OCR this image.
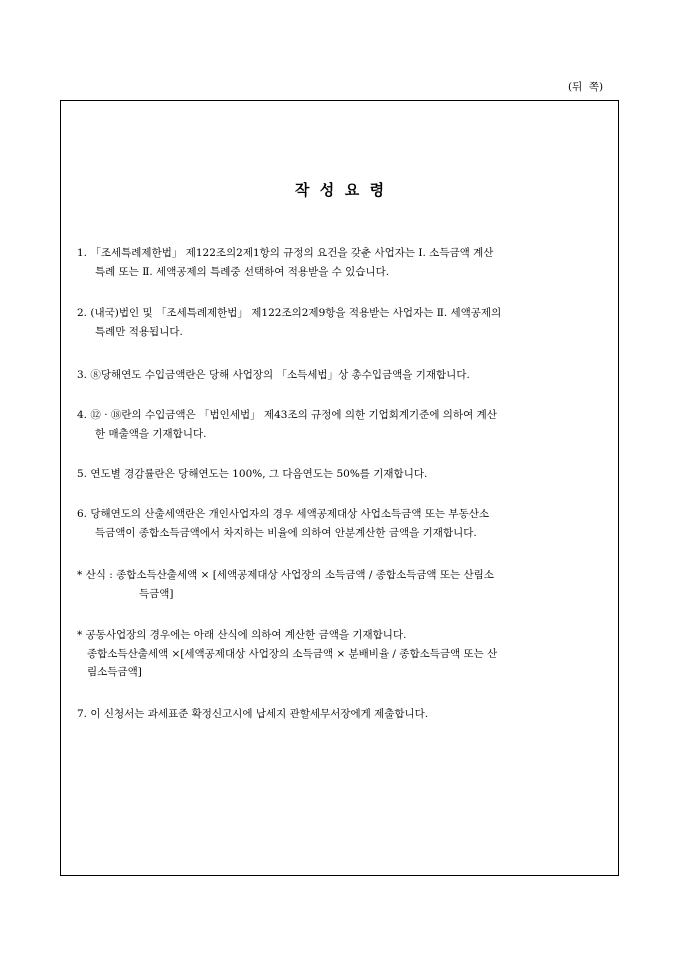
(뒤  쪽)
작  성  요  령
1. 「조세특례제한법」 제122조의2제1항의 규정의 요건을 갖춘 사업자는 Ⅰ. 소득금액 계산
특례 또는 Ⅱ. 세액공제의 특례중 선택하여 적용받을 수 있습니다.
2. (내국)법인 및 「조세특례제한법」 제122조의2제9항을 적용받는 사업자는 Ⅱ. 세액공제의
특례만 적용됩니다.
3. ⑧당해연도 수입금액란은 당해 사업장의 「소득세법」상 총수입금액을 기재합니다.
4. ⑫ · ⑱란의 수입금액은 「법인세법」 제43조의 규정에 의한 기업회계기준에 의하여 계산
한 매출액을 기재합니다.
5. 연도별 경감률란은 당해연도는 100%, 그 다음연도는 50%를 기재합니다.
6. 당해연도의 산출세액란은 개인사업자의 경우 세액공제대상 사업소득금액 또는 부동산소
득금액이 종합소득금액에서 차지하는 비율에 의하여 안분계산한 금액을 기재합니다.
* 산식 : 종합소득산출세액 × [세액공제대상 사업장의 소득금액 / 종합소득금액 또는 산림소
득금액]
* 공동사업장의 경우에는 아래 산식에 의하여 계산한 금액을 기재합니다.
종합소득산출세액 ×[세액공제대상 사업장의 소득금액 × 분배비율 / 종합소득금액 또는 산
림소득금액]
7. 이 신청서는 과세표준 확정신고시에 납세지 관할세무서장에게 제출합니다.
